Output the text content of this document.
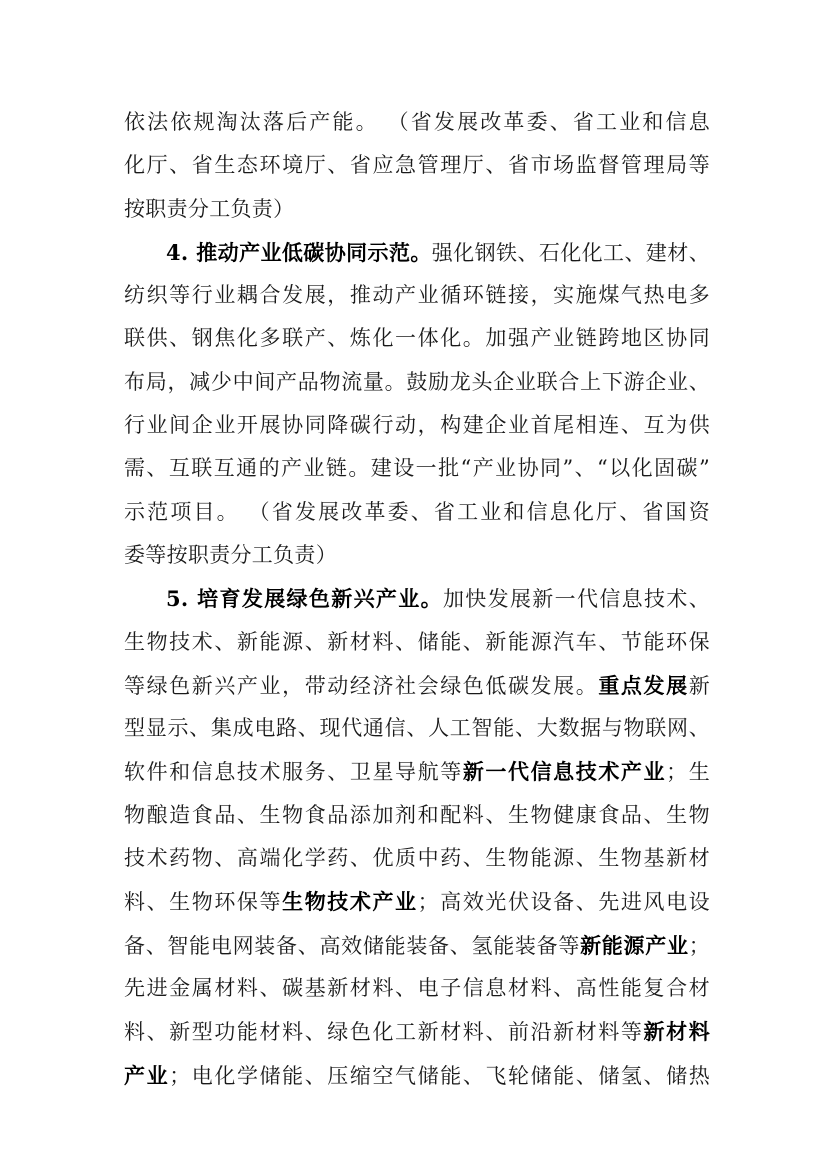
依法依规淘汰落后产能。 （省发展改革委、省工业和信息
化厅、省生态环境厅、省应急管理厅、省市场监督管理局等
按职责分工负责）
4. 推动产业低碳协同示范。强化钢铁、石化化工、建材、
纺织等行业耦合发展，推动产业循环链接，实施煤气热电多
联供、钢焦化多联产、炼化一体化。加强产业链跨地区协同
布局，减少中间产品物流量。鼓励龙头企业联合上下游企业、
行业间企业开展协同降碳行动，构建企业首尾相连、互为供
需、互联互通的产业链。建设一批“产业协同”、“以化固碳”
示范项目。 （省发展改革委、省工业和信息化厅、省国资
委等按职责分工负责）
5. 培育发展绿色新兴产业。加快发展新一代信息技术、
生物技术、新能源、新材料、储能、新能源汽车、节能环保
等绿色新兴产业，带动经济社会绿色低碳发展。重点发展新
型显示、集成电路、现代通信、人工智能、大数据与物联网、
软件和信息技术服务、卫星导航等新一代信息技术产业；生
物酿造食品、生物食品添加剂和配料、生物健康食品、生物
技术药物、高端化学药、优质中药、生物能源、生物基新材
料、生物环保等生物技术产业；高效光伏设备、先进风电设
备、智能电网装备、高效储能装备、氢能装备等新能源产业；
先进金属材料、碳基新材料、电子信息材料、高性能复合材
料、新型功能材料、绿色化工新材料、前沿新材料等新材料
产业；电化学储能、压缩空气储能、飞轮储能、储氢、储热
